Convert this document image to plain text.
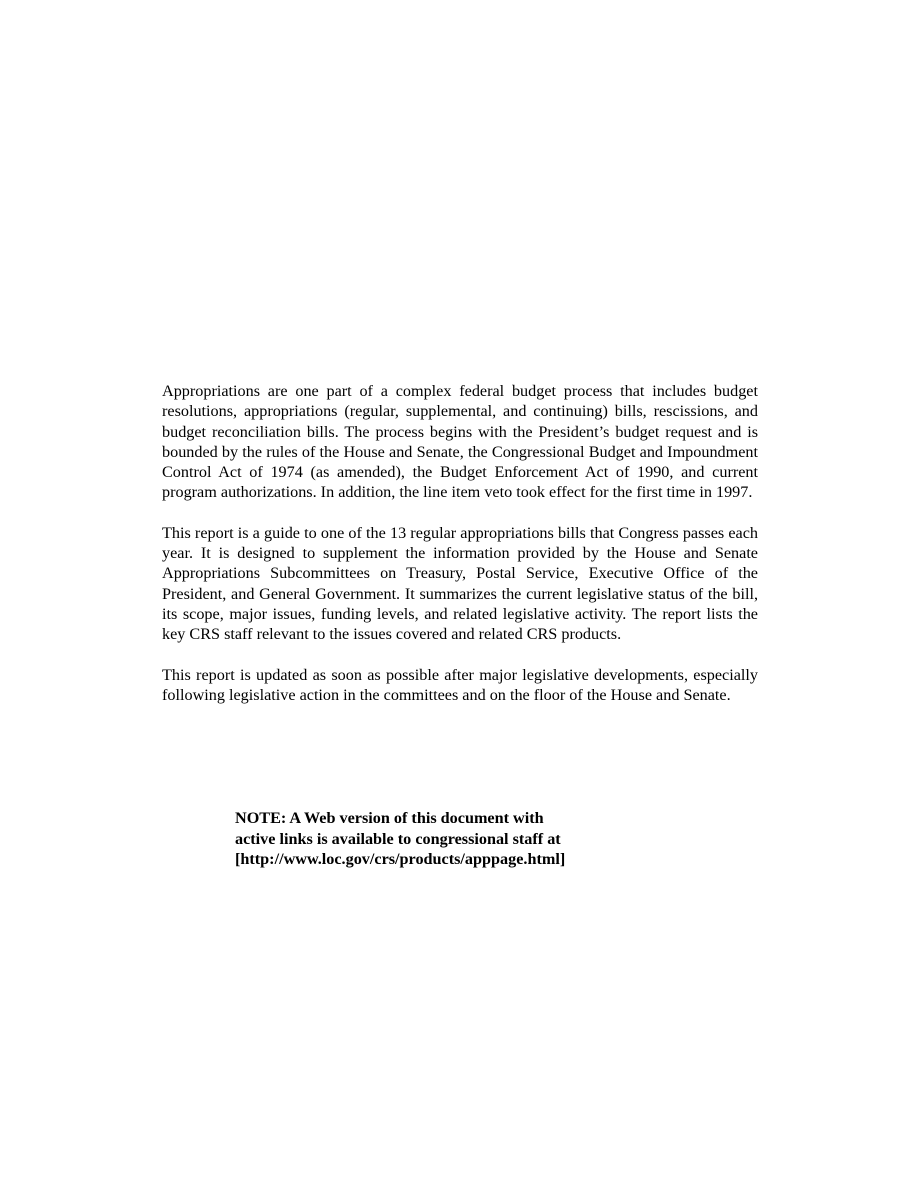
Appropriations are one part of a complex federal budget process that includes budget resolutions, appropriations (regular, supplemental, and continuing) bills, rescissions, and budget reconciliation bills. The process begins with the President’s budget request and is bounded by the rules of the House and Senate, the Congressional Budget and Impoundment Control Act of 1974 (as amended), the Budget Enforcement Act of 1990, and current program authorizations. In addition, the line item veto took effect for the first time in 1997.

This report is a guide to one of the 13 regular appropriations bills that Congress passes each year. It is designed to supplement the information provided by the House and Senate Appropriations Subcommittees on Treasury, Postal Service, Executive Office of the President, and General Government. It summarizes the current legislative status of the bill, its scope, major issues, funding levels, and related legislative activity. The report lists the key CRS staff relevant to the issues covered and related CRS products.

This report is updated as soon as possible after major legislative developments, especially following legislative action in the committees and on the floor of the House and Senate.

NOTE: A Web version of this document with
active links is available to congressional staff at
[http://www.loc.gov/crs/products/apppage.html]
